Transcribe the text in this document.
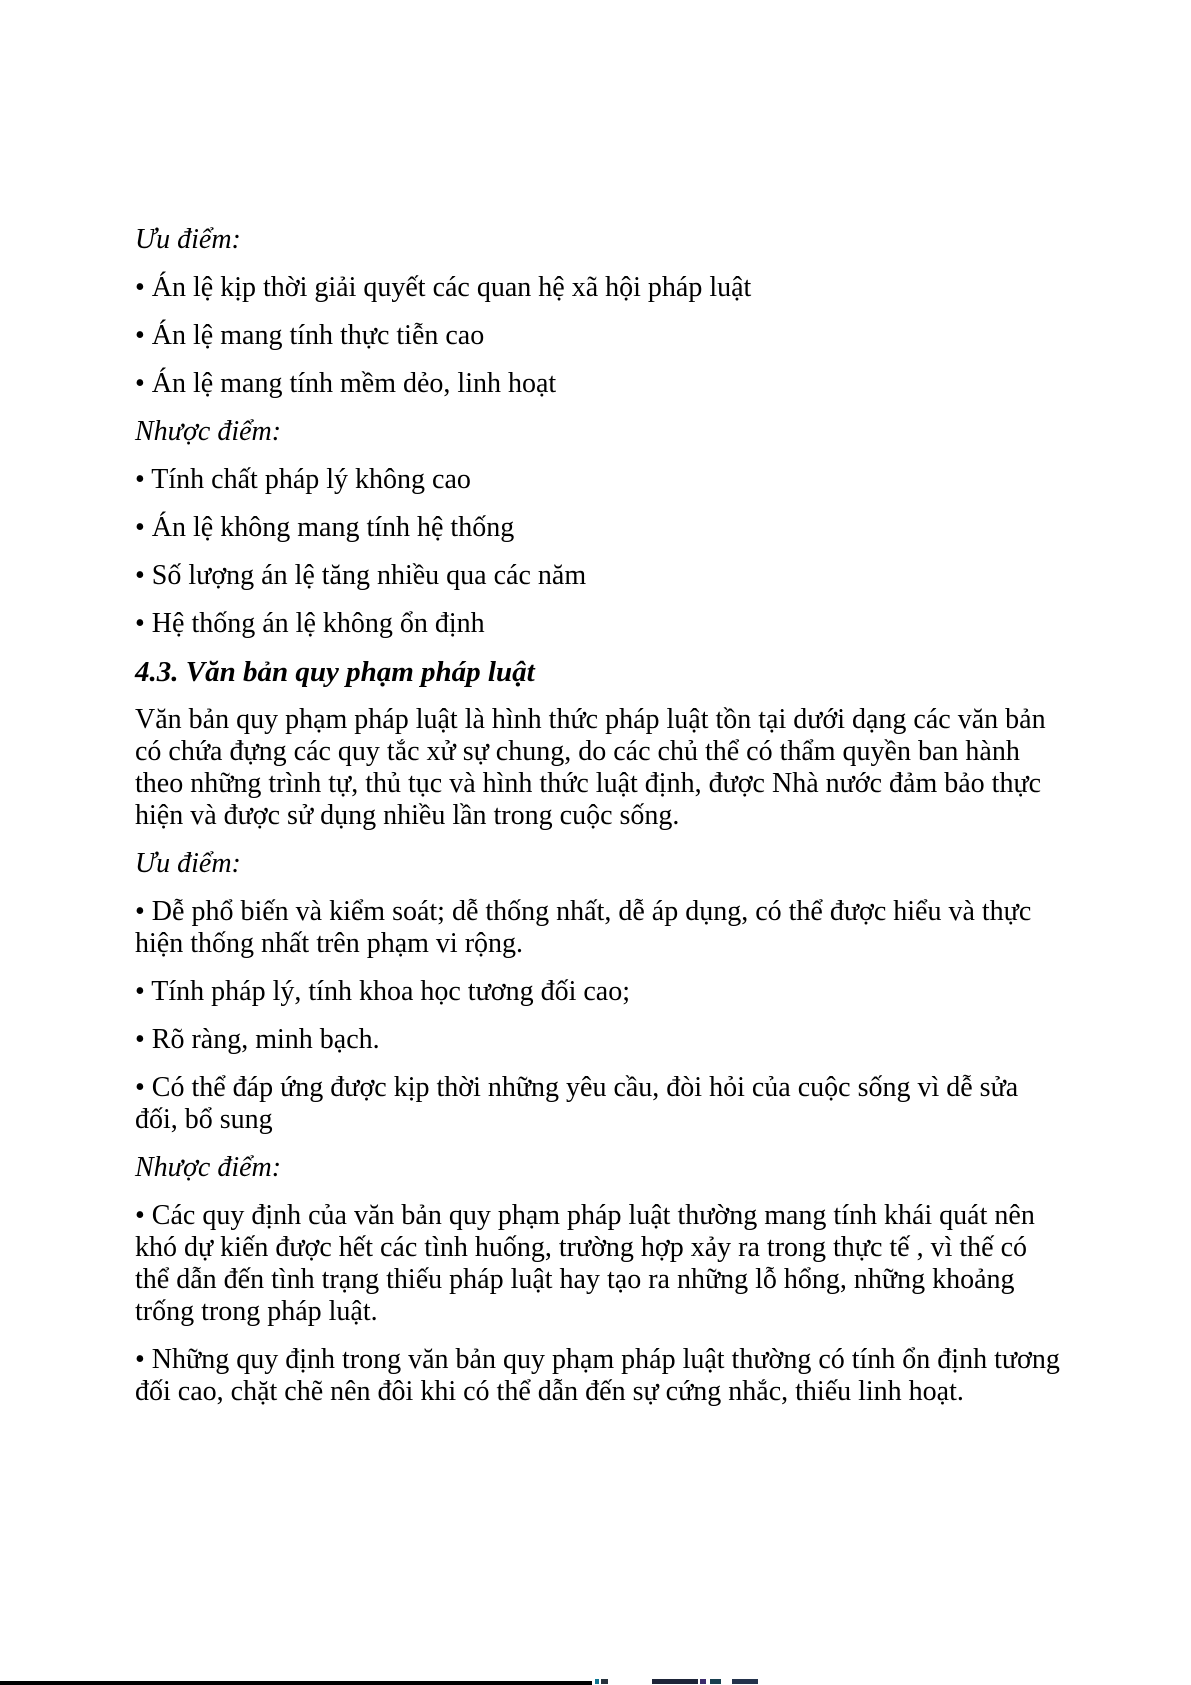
Ưu điểm:

• Án lệ kịp thời giải quyết các quan hệ xã hội pháp luật

• Án lệ mang tính thực tiễn cao

• Án lệ mang tính mềm dẻo, linh hoạt

Nhược điểm:

• Tính chất pháp lý không cao

• Án lệ không mang tính hệ thống

• Số lượng án lệ tăng nhiều qua các năm

• Hệ thống án lệ không ổn định

4.3. Văn bản quy phạm pháp luật

Văn bản quy phạm pháp luật là hình thức pháp luật tồn tại dưới dạng các văn bản có chứa đựng các quy tắc xử sự chung, do các chủ thể có thẩm quyền ban hành theo những trình tự, thủ tục và hình thức luật định, được Nhà nước đảm bảo thực hiện và được sử dụng nhiều lần trong cuộc sống.

Ưu điểm:

• Dễ phổ biến và kiểm soát; dễ thống nhất, dễ áp dụng, có thể được hiểu và thực hiện thống nhất trên phạm vi rộng.

• Tính pháp lý, tính khoa học tương đối cao;

• Rõ ràng, minh bạch.

• Có thể đáp ứng được kịp thời những yêu cầu, đòi hỏi của cuộc sống vì dễ sửa đối, bổ sung

Nhược điểm:

• Các quy định của văn bản quy phạm pháp luật thường mang tính khái quát nên khó dự kiến được hết các tình huống, trường hợp xảy ra trong thực tế , vì thế có thể dẫn đến tình trạng thiếu pháp luật hay tạo ra những lỗ hổng, những khoảng trống trong pháp luật.

• Những quy định trong văn bản quy phạm pháp luật thường có tính ổn định tương đối cao, chặt chẽ nên đôi khi có thể dẫn đến sự cứng nhắc, thiếu linh hoạt.
